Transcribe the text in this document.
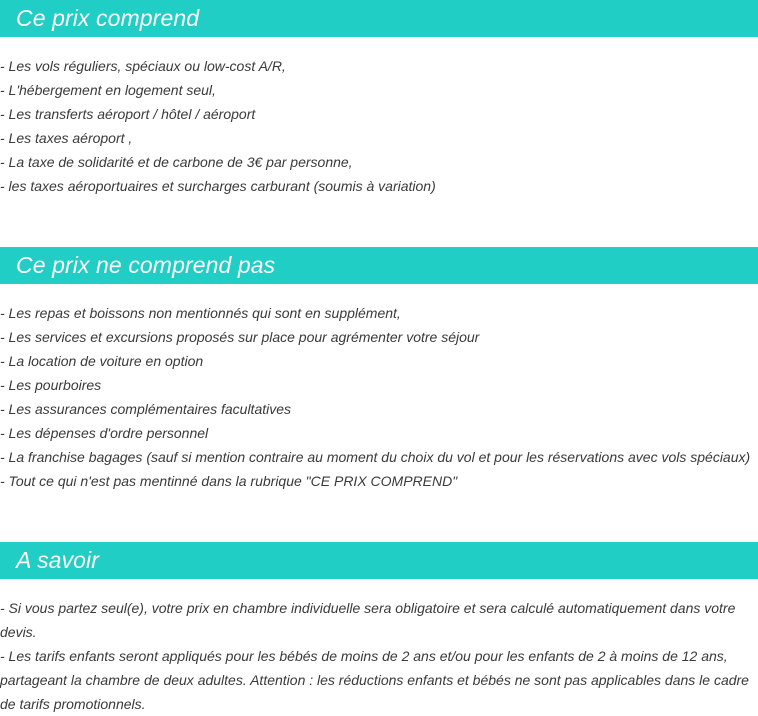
Ce prix comprend
- Les vols réguliers, spéciaux ou low-cost A/R,
- L'hébergement en logement seul,
- Les transferts aéroport / hôtel / aéroport
- Les taxes aéroport ,
- La taxe de solidarité et de carbone de 3€ par personne,
- les taxes aéroportuaires et surcharges carburant (soumis à variation)
Ce prix ne comprend pas
- Les repas et boissons non mentionnés qui sont en supplément,
- Les services et excursions proposés sur place pour agrémenter votre séjour
- La location de voiture en option
- Les pourboires
- Les assurances complémentaires facultatives
- Les dépenses d'ordre personnel
- La franchise bagages (sauf si mention contraire au moment du choix du vol et pour les réservations avec vols spéciaux)
- Tout ce qui n'est pas mentinné dans la rubrique "CE PRIX COMPREND"
A savoir

- Si vous partez seul(e), votre prix en chambre individuelle sera obligatoire et sera calculé automatiquement dans votre devis.

- Les tarifs enfants seront appliqués pour les bébés de moins de 2 ans et/ou pour les enfants de 2 à moins de 12 ans, partageant la chambre de deux adultes. Attention : les réductions enfants et bébés ne sont pas applicables dans le cadre de tarifs promotionnels.
